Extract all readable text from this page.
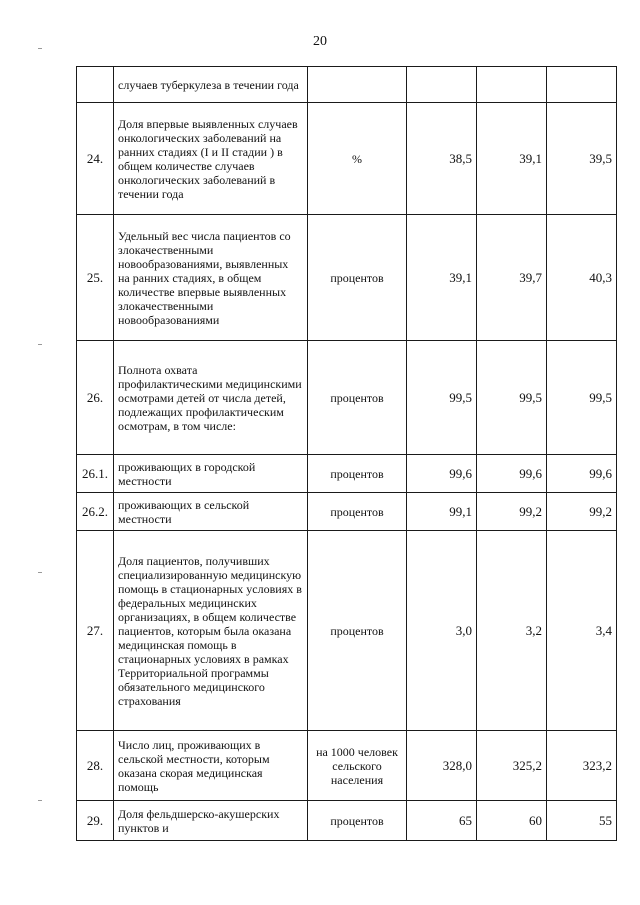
20
	случаев туберкулеза в течении года				
24.	Доля впервые выявленных случаев онкологических заболеваний на ранних стадиях (I и II стадии ) в общем количестве случаев онкологических заболеваний в течении года	%	38,5	39,1	39,5
25.	Удельный вес числа пациентов со злокачественными новообразованиями, выявленных на ранних стадиях, в общем количестве впервые выявленных злокачественными новообразованиями	процентов	39,1	39,7	40,3
26.	Полнота охвата профилактическими медицинскими осмотрами детей от числа детей, подлежащих профилактическим осмотрам, в том числе:	процентов	99,5	99,5	99,5
26.1.	проживающих в городской местности	процентов	99,6	99,6	99,6
26.2.	проживающих в сельской местности	процентов	99,1	99,2	99,2
27.	Доля пациентов, получивших специализированную медицинскую помощь в стационарных условиях в федеральных медицинских организациях, в общем количестве пациентов, которым была оказана медицинская помощь в стационарных условиях в рамках Территориальной программы обязательного медицинского страхования	процентов	3,0	3,2	3,4
28.	Число лиц, проживающих в сельской местности, которым оказана скорая медицинская помощь	на 1000 человек сельского населения	328,0	325,2	323,2
29.	Доля фельдшерско-акушерских пунктов и	процентов	65	60	55
